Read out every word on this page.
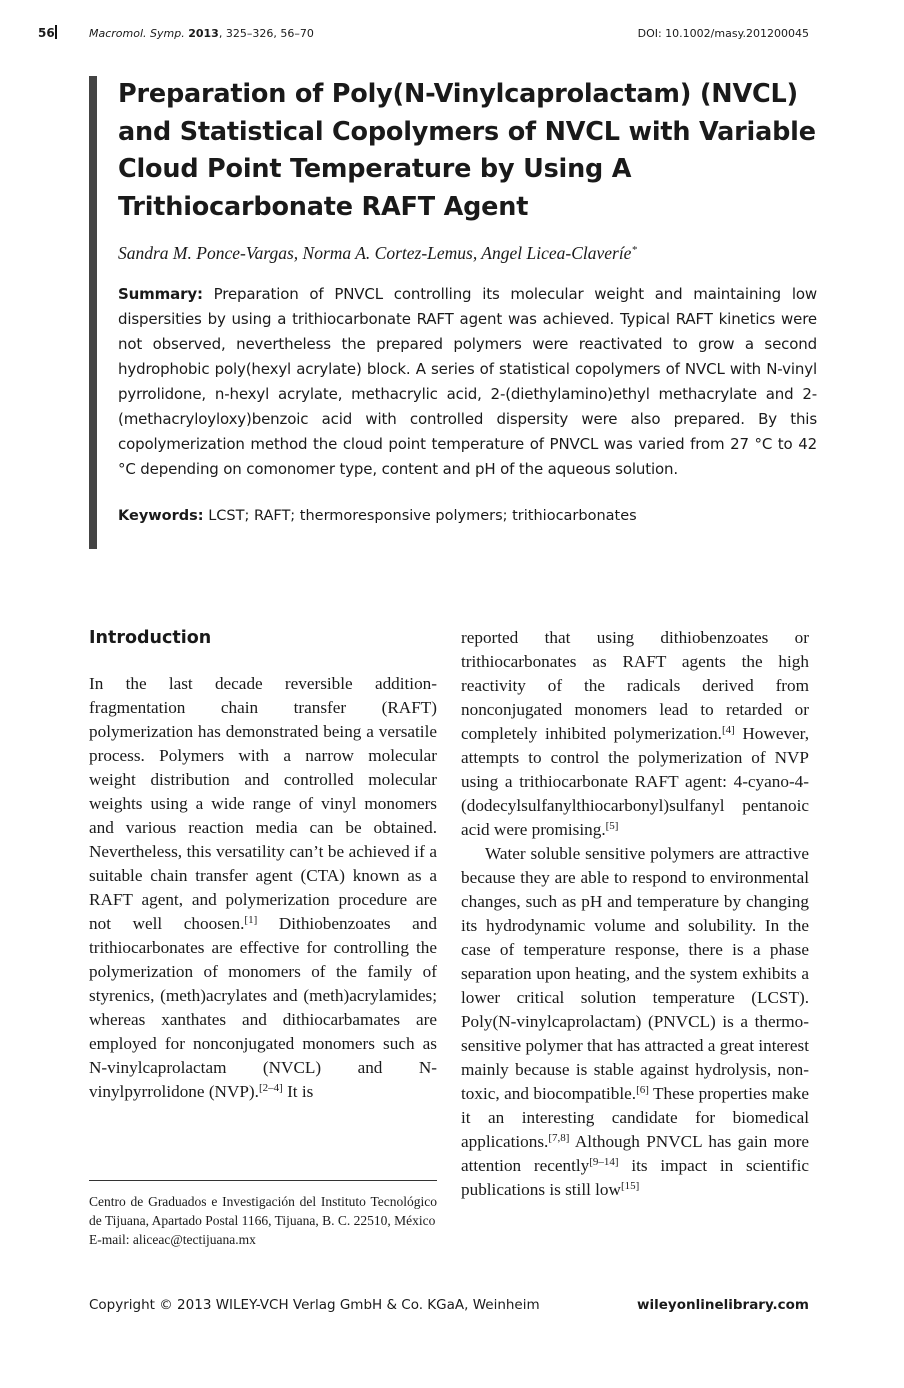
56	Macromol. Symp. 2013, 325–326, 56–70	DOI: 10.1002/masy.201200045
Preparation of Poly(N-Vinylcaprolactam) (NVCL) and Statistical Copolymers of NVCL with Variable Cloud Point Temperature by Using A Trithiocarbonate RAFT Agent
Sandra M. Ponce-Vargas, Norma A. Cortez-Lemus, Angel Licea-Claveríe*
Summary: Preparation of PNVCL controlling its molecular weight and maintaining low dispersities by using a trithiocarbonate RAFT agent was achieved. Typical RAFT kinetics were not observed, nevertheless the prepared polymers were reactivated to grow a second hydrophobic poly(hexyl acrylate) block. A series of statistical copolymers of NVCL with N-vinyl pyrrolidone, n-hexyl acrylate, methacrylic acid, 2-(diethylamino)ethyl methacrylate and 2-(methacryloyloxy)benzoic acid with controlled dispersity were also prepared. By this copolymerization method the cloud point temperature of PNVCL was varied from 27 °C to 42 °C depending on comonomer type, content and pH of the aqueous solution.
Keywords: LCST; RAFT; thermoresponsive polymers; trithiocarbonates
Introduction

In the last decade reversible addition-fragmentation chain transfer (RAFT) polymerization has demonstrated being a versatile process. Polymers with a narrow molecular weight distribution and controlled molecular weights using a wide range of vinyl monomers and various reaction media can be obtained. Nevertheless, this versatility can’t be achieved if a suitable chain transfer agent (CTA) known as a RAFT agent, and polymerization procedure are not well choosen.[1] Dithiobenzoates and trithiocarbonates are effective for controlling the polymerization of monomers of the family of styrenics, (meth)acrylates and (meth)acrylamides; whereas xanthates and dithiocarbamates are employed for nonconjugated monomers such as N-vinylcaprolactam (NVCL) and N-vinylpyrrolidone (NVP).[2–4] It is

reported that using dithiobenzoates or trithiocarbonates as RAFT agents the high reactivity of the radicals derived from nonconjugated monomers lead to retarded or completely inhibited polymerization.[4] However, attempts to control the polymerization of NVP using a trithiocarbonate RAFT agent: 4-cyano-4-(dodecylsulfanylthiocarbonyl)sulfanyl pentanoic acid were promising.[5]

Water soluble sensitive polymers are attractive because they are able to respond to environmental changes, such as pH and temperature by changing its hydrodynamic volume and solubility. In the case of temperature response, there is a phase separation upon heating, and the system exhibits a lower critical solution temperature (LCST). Poly(N-vinylcaprolactam) (PNVCL) is a thermo-sensitive polymer that has attracted a great interest mainly because is stable against hydrolysis, non-toxic, and biocompatible.[6] These properties make it an interesting candidate for biomedical applications.[7,8] Although PNVCL has gain more attention recently[9–14] its impact in scientific publications is still low[15]

Centro de Graduados e Investigación del Instituto Tecnológico de Tijuana, Apartado Postal 1166, Tijuana, B. C. 22510, México
E-mail: aliceac@tectijuana.mx
Copyright © 2013 WILEY-VCH Verlag GmbH & Co. KGaA, Weinheim	wileyonlinelibrary.com
